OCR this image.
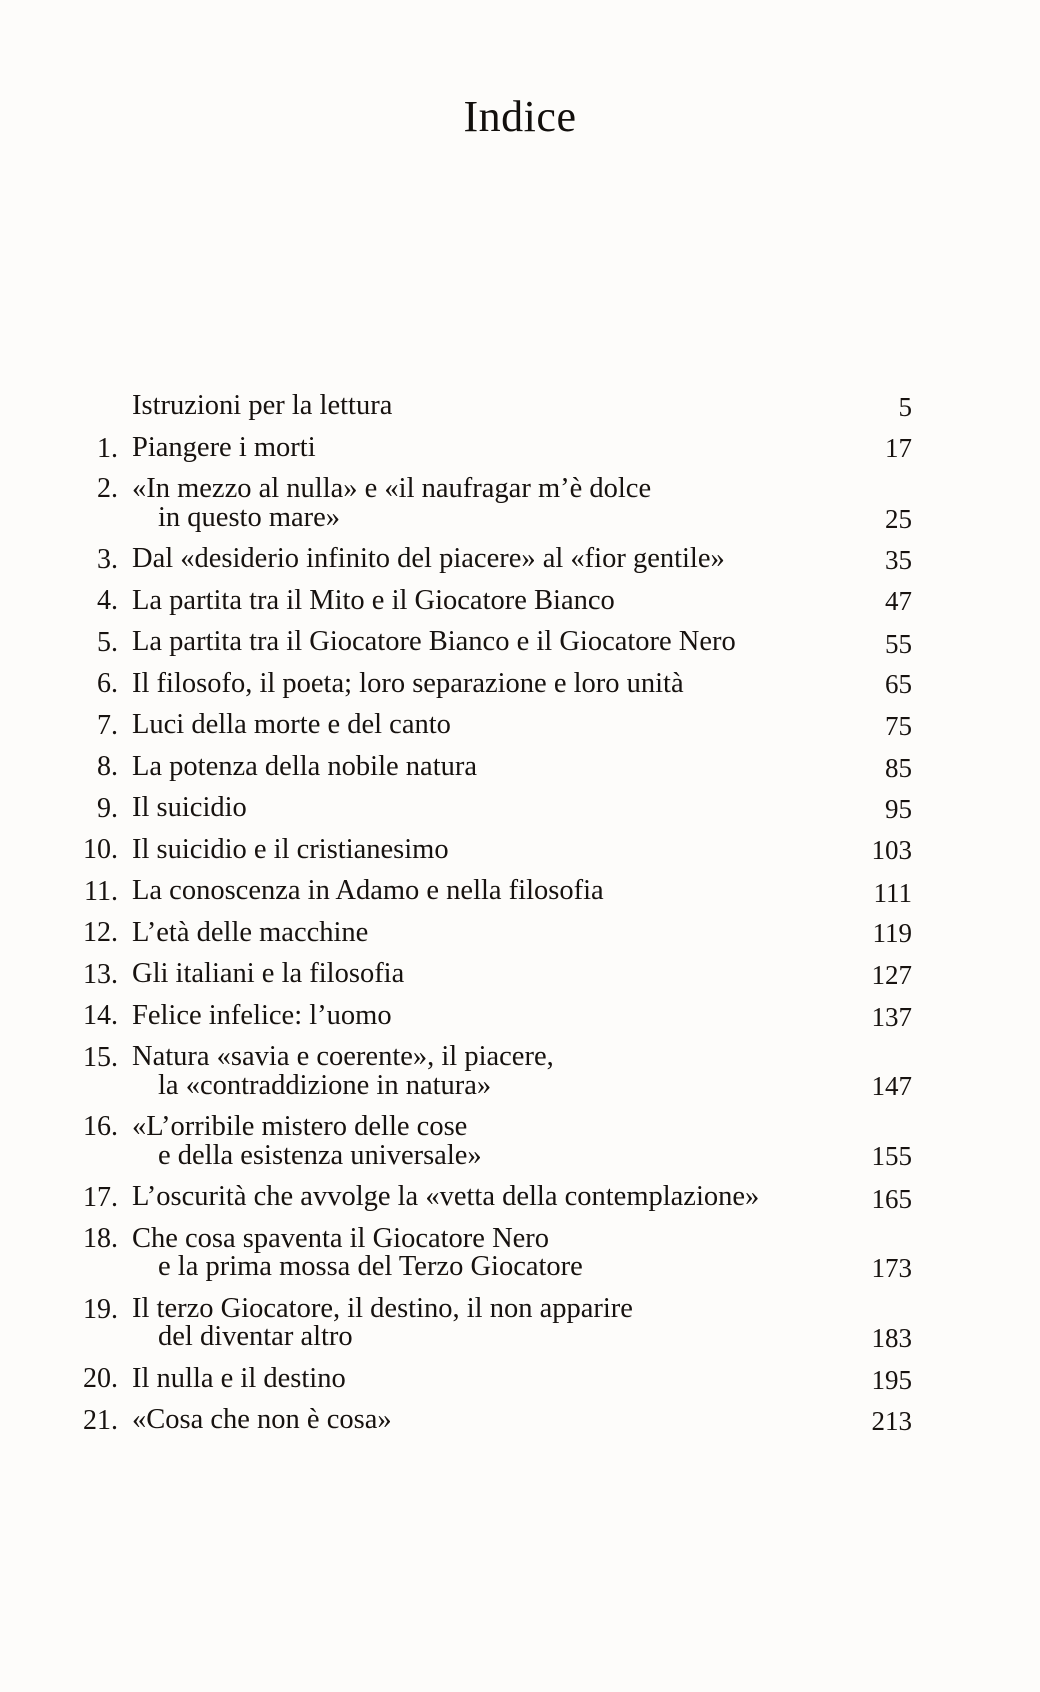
Indice
Istruzioni per la lettura	5
1. Piangere i morti	17
2. «In mezzo al nulla» e «il naufragar m’è dolce
in questo mare»	25
3. Dal «desiderio infinito del piacere» al «fior gentile»	35
4. La partita tra il Mito e il Giocatore Bianco	47
5. La partita tra il Giocatore Bianco e il Giocatore Nero	55
6. Il filosofo, il poeta; loro separazione e loro unità	65
7. Luci della morte e del canto	75
8. La potenza della nobile natura	85
9. Il suicidio	95
10. Il suicidio e il cristianesimo	103
11. La conoscenza in Adamo e nella filosofia	111
12. L’età delle macchine	119
13. Gli italiani e la filosofia	127
14. Felice infelice: l’uomo	137
15. Natura «savia e coerente», il piacere,
la «contraddizione in natura»	147
16. «L’orribile mistero delle cose
e della esistenza universale»	155
17. L’oscurità che avvolge la «vetta della contemplazione»	165
18. Che cosa spaventa il Giocatore Nero
e la prima mossa del Terzo Giocatore	173
19. Il terzo Giocatore, il destino, il non apparire
del diventar altro	183
20. Il nulla e il destino	195
21. «Cosa che non è cosa»	213
